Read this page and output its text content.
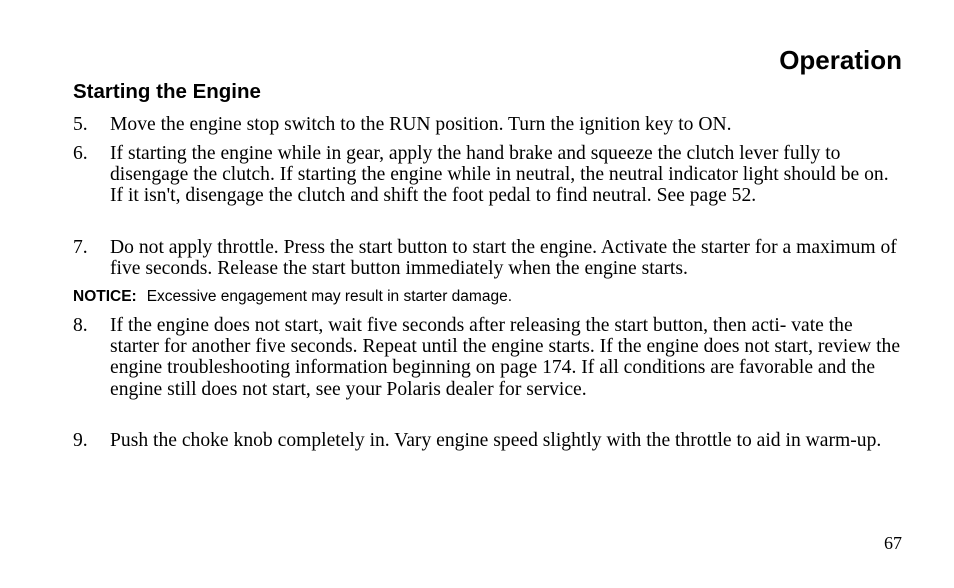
Operation
Starting the Engine
5. Move the engine stop switch to the RUN position. Turn the ignition key to ON.
6. If starting the engine while in gear, apply the hand brake and squeeze the clutch lever fully to disengage the clutch. If starting the engine while in neutral, the neutral indicator light should be on. If it isn't, disengage the clutch and shift the foot pedal to find neutral. See page 52.
7. Do not apply throttle. Press the start button to start the engine. Activate the starter for a maximum of five seconds. Release the start button immediately when the engine starts.

NOTICE: Excessive engagement may result in starter damage.

8. If the engine does not start, wait five seconds after releasing the start button, then acti- vate the starter for another five seconds. Repeat until the engine starts. If the engine does not start, review the engine troubleshooting information beginning on page 174. If all conditions are favorable and the engine still does not start, see your Polaris dealer for service.
9. Push the choke knob completely in. Vary engine speed slightly with the throttle to aid in warm-up.
67
